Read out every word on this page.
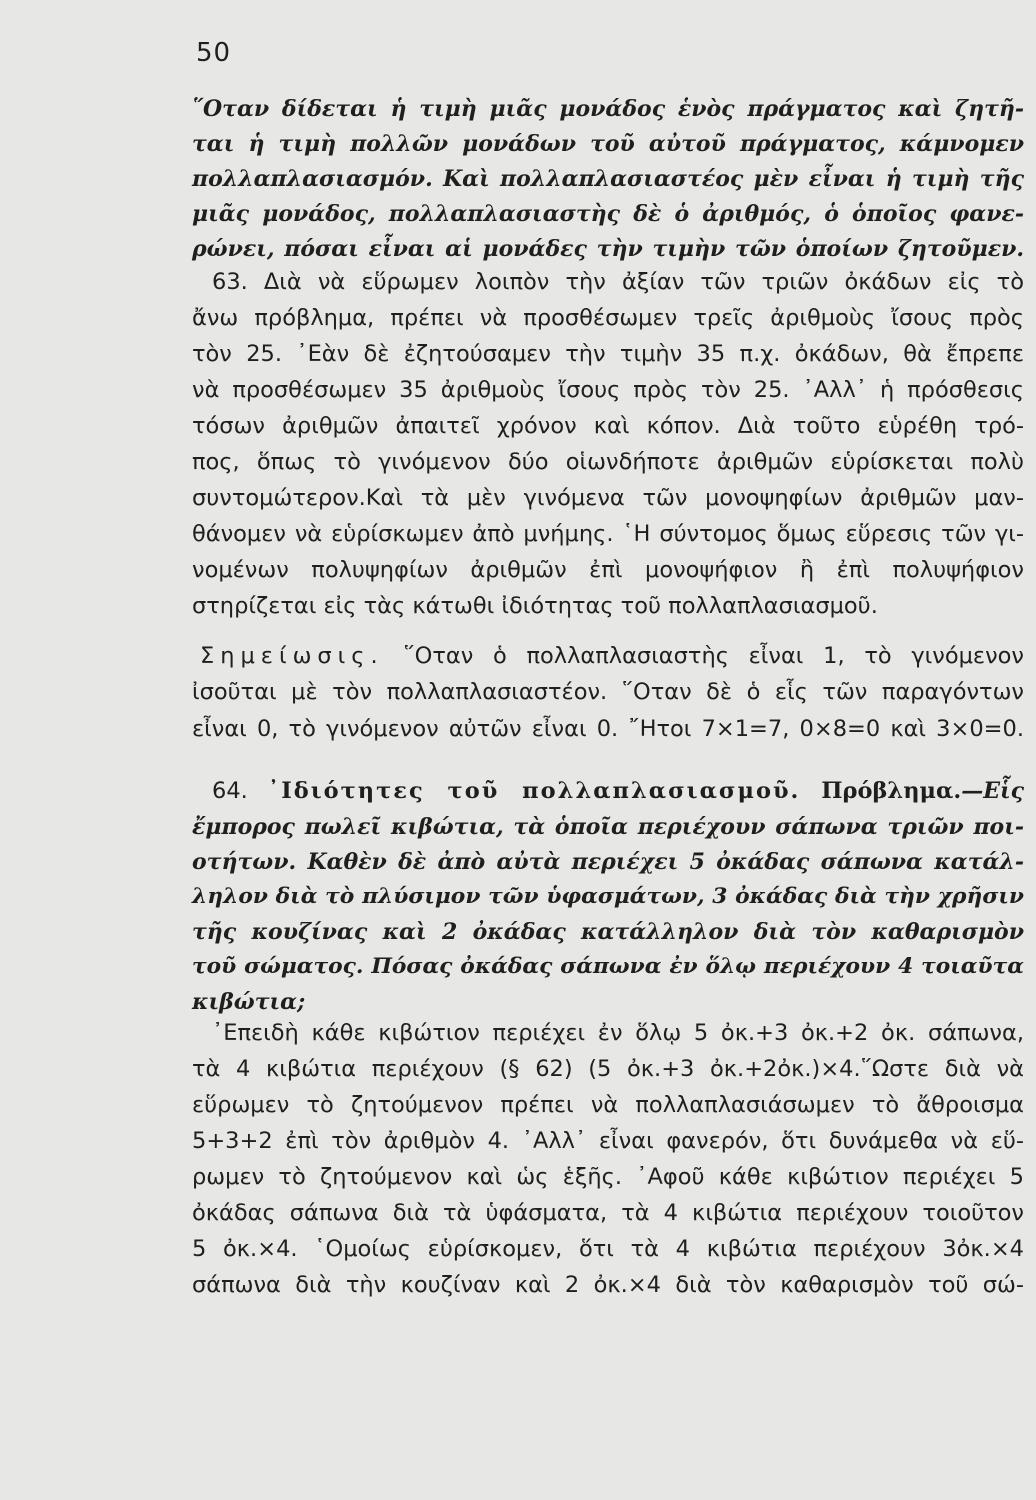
50
῞Οταν δίδεται ἡ τιμὴ μιᾶς μονάδος ἑνὸς πράγματος καὶ ζητῆ-
ται ἡ τιμὴ πολλῶν μονάδων τοῦ αὐτοῦ πράγματος, κάμνομεν
πολλαπλασιασμόν. Καὶ πολλαπλασιαστέος μὲν εἶναι ἡ τιμὴ τῆς
μιᾶς μονάδος, πολλαπλασιαστὴς δὲ ὁ ἀριθμός, ὁ ὁποῖος φανε-
ρώνει, πόσαι εἶναι αἱ μονάδες τὴν τιμὴν τῶν ὁποίων ζητοῦμεν.
63. Διὰ νὰ εὕρωμεν λοιπὸν τὴν ἀξίαν τῶν τριῶν ὀκάδων εἰς τὸ
ἄνω πρόβλημα, πρέπει νὰ προσθέσωμεν τρεῖς ἀριθμοὺς ἴσους πρὸς
τὸν 25. ᾿Εὰν δὲ ἐζητούσαμεν τὴν τιμὴν 35 π.χ. ὀκάδων, θὰ ἔπρεπε
νὰ προσθέσωμεν 35 ἀριθμοὺς ἴσους πρὸς τὸν 25. ᾿Αλλ᾿ ἡ πρόσθεσις
τόσων ἀριθμῶν ἀπαιτεῖ χρόνον καὶ κόπον. Διὰ τοῦτο εὑρέθη τρό-
πος, ὅπως τὸ γινόμενον δύο οἱωνδήποτε ἀριθμῶν εὑρίσκεται πολὺ
συντομώτερον.Καὶ τὰ μὲν γινόμενα τῶν μονοψηφίων ἀριθμῶν μαν-
θάνομεν νὰ εὑρίσκωμεν ἀπὸ μνήμης. ῾Η σύντομος ὅμως εὕρεσις τῶν γι-
νομένων πολυψηφίων ἀριθμῶν ἐπὶ μονοψήφιον ἢ ἐπὶ πολυψήφιον
στηρίζεται εἰς τὰς κάτωθι ἰδιότητας τοῦ πολλαπλασιασμοῦ.
Σημείωσις. ῞Οταν ὁ πολλαπλασιαστὴς εἶναι 1, τὸ γινόμενον
ἰσοῦται μὲ τὸν πολλαπλασιαστέον. ῞Οταν δὲ ὁ εἷς τῶν παραγόντων
εἶναι 0, τὸ γινόμενον αὐτῶν εἶναι 0. ῎Ητοι 7×1=7, 0×8=0 καὶ 3×0=0.
64. ᾿Ιδιότητες τοῦ πολλαπλασιασμοῦ. Πρόβλημα.—Εἷς
ἔμπορος πωλεῖ κιβώτια, τὰ ὁποῖα περιέχουν σάπωνα τριῶν ποι-
οτήτων. Καθὲν δὲ ἀπὸ αὐτὰ περιέχει 5 ὀκάδας σάπωνα κατάλ-
ληλον διὰ τὸ πλύσιμον τῶν ὑφασμάτων, 3 ὀκάδας διὰ τὴν χρῆσιν
τῆς κουζίνας καὶ 2 ὀκάδας κατάλληλον διὰ τὸν καθαρισμὸν
τοῦ σώματος. Πόσας ὀκάδας σάπωνα ἐν ὅλῳ περιέχουν 4 τοιαῦτα
κιβώτια;
᾿Επειδὴ κάθε κιβώτιον περιέχει ἐν ὅλῳ 5 ὀκ.+3 ὀκ.+2 ὀκ. σάπωνα,
τὰ 4 κιβώτια περιέχουν (§ 62) (5 ὀκ.+3 ὀκ.+2ὀκ.)×4.῞Ωστε διὰ νὰ
εὕρωμεν τὸ ζητούμενον πρέπει νὰ πολλαπλασιάσωμεν τὸ ἄθροισμα
5+3+2 ἐπὶ τὸν ἀριθμὸν 4. ᾿Αλλ᾿ εἶναι φανερόν, ὅτι δυνάμεθα νὰ εὕ-
ρωμεν τὸ ζητούμενον καὶ ὡς ἑξῆς. ᾿Αφοῦ κάθε κιβώτιον περιέχει 5
ὀκάδας σάπωνα διὰ τὰ ὑφάσματα, τὰ 4 κιβώτια περιέχουν τοιοῦτον
5 ὀκ.×4. ῾Ομοίως εὑρίσκομεν, ὅτι τὰ 4 κιβώτια περιέχουν 3ὀκ.×4
σάπωνα διὰ τὴν κουζίναν καὶ 2 ὀκ.×4 διὰ τὸν καθαρισμὸν τοῦ σώ-
